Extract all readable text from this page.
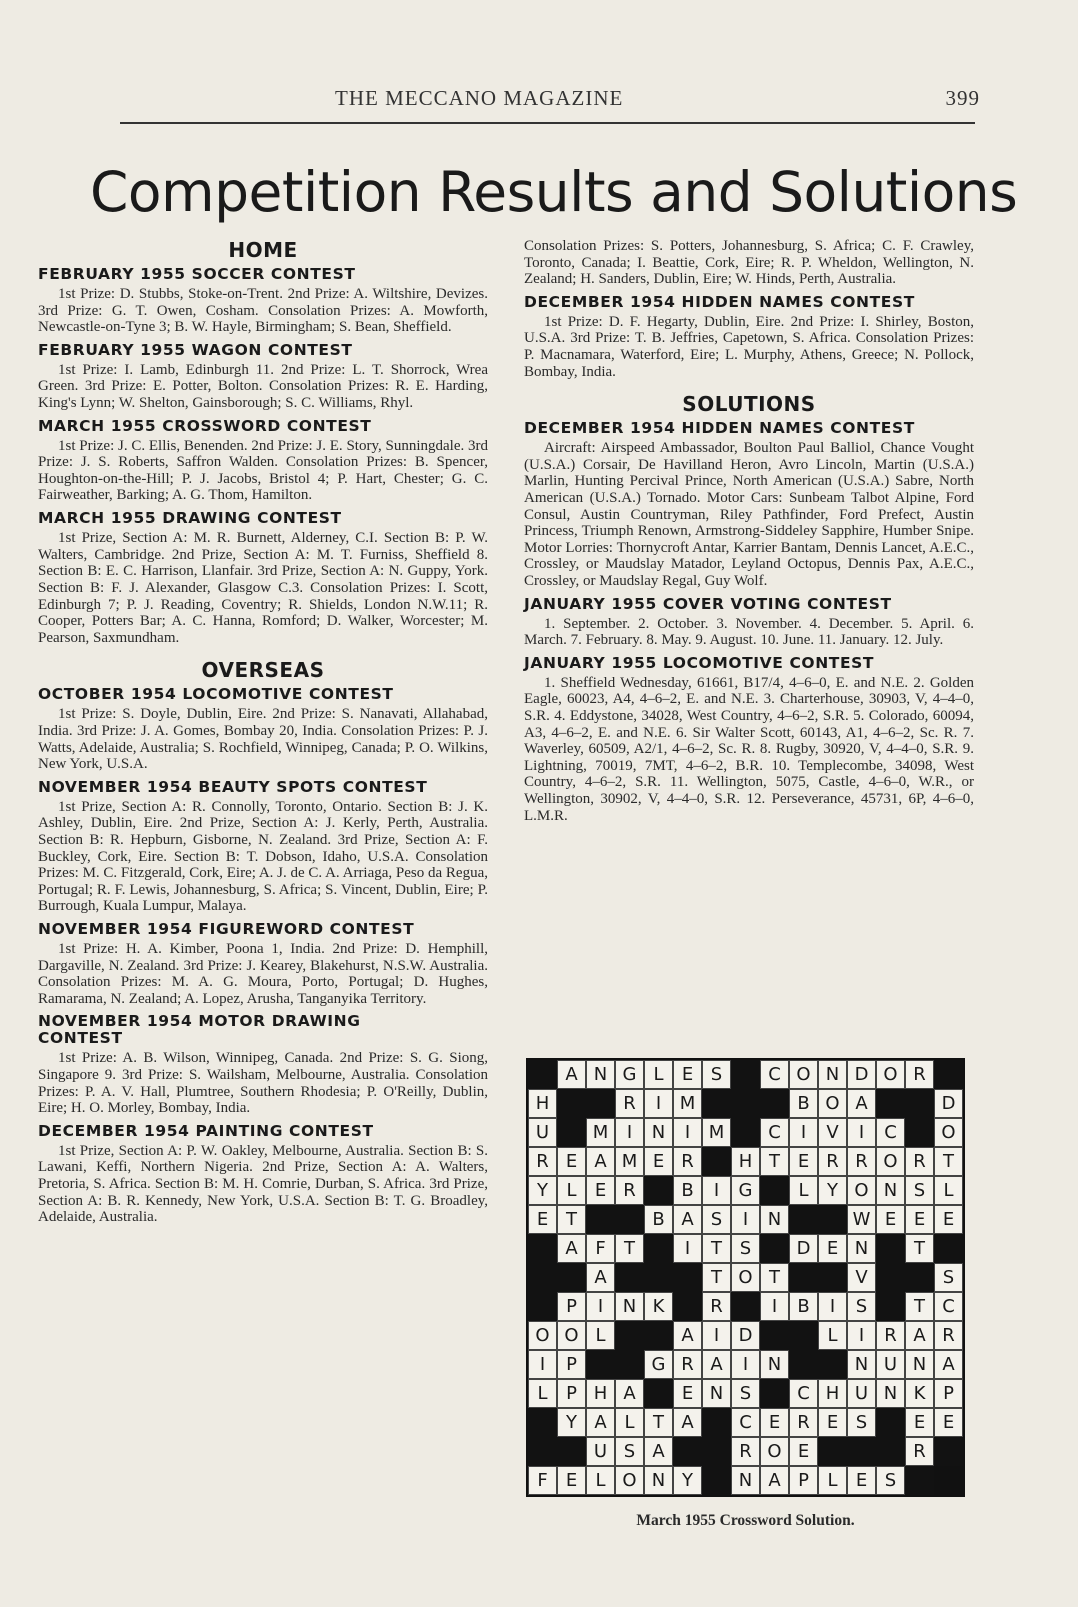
THE MECCANO MAGAZINE	399
Competition Results and Solutions
HOME
FEBRUARY 1955 SOCCER CONTEST

1st Prize: D. Stubbs, Stoke-on-Trent. 2nd Prize: A. Wiltshire, Devizes. 3rd Prize: G. T. Owen, Cosham. Consolation Prizes: A. Mowforth, Newcastle-on-Tyne 3; B. W. Hayle, Birmingham; S. Bean, Sheffield.

FEBRUARY 1955 WAGON CONTEST

1st Prize: I. Lamb, Edinburgh 11. 2nd Prize: L. T. Shorrock, Wrea Green. 3rd Prize: E. Potter, Bolton. Consolation Prizes: R. E. Harding, King's Lynn; W. Shelton, Gainsborough; S. C. Williams, Rhyl.

MARCH 1955 CROSSWORD CONTEST

1st Prize: J. C. Ellis, Benenden. 2nd Prize: J. E. Story, Sunningdale. 3rd Prize: J. S. Roberts, Saffron Walden. Consolation Prizes: B. Spencer, Houghton-on-the-Hill; P. J. Jacobs, Bristol 4; P. Hart, Chester; G. C. Fairweather, Barking; A. G. Thom, Hamilton.

MARCH 1955 DRAWING CONTEST

1st Prize, Section A: M. R. Burnett, Alderney, C.I. Section B: P. W. Walters, Cambridge. 2nd Prize, Section A: M. T. Furniss, Sheffield 8. Section B: E. C. Harrison, Llanfair. 3rd Prize, Section A: N. Guppy, York. Section B: F. J. Alexander, Glasgow C.3. Consolation Prizes: I. Scott, Edinburgh 7; P. J. Reading, Coventry; R. Shields, London N.W.11; R. Cooper, Potters Bar; A. C. Hanna, Romford; D. Walker, Worcester; M. Pearson, Saxmundham.

OVERSEAS
OCTOBER 1954 LOCOMOTIVE CONTEST

1st Prize: S. Doyle, Dublin, Eire. 2nd Prize: S. Nanavati, Allahabad, India. 3rd Prize: J. A. Gomes, Bombay 20, India. Consolation Prizes: P. J. Watts, Adelaide, Australia; S. Rochfield, Winnipeg, Canada; P. O. Wilkins, New York, U.S.A.

NOVEMBER 1954 BEAUTY SPOTS CONTEST

1st Prize, Section A: R. Connolly, Toronto, Ontario. Section B: J. K. Ashley, Dublin, Eire. 2nd Prize, Section A: J. Kerly, Perth, Australia. Section B: R. Hepburn, Gisborne, N. Zealand. 3rd Prize, Section A: F. Buckley, Cork, Eire. Section B: T. Dobson, Idaho, U.S.A. Consolation Prizes: M. C. Fitzgerald, Cork, Eire; A. J. de C. A. Arriaga, Peso da Regua, Portugal; R. F. Lewis, Johannesburg, S. Africa; S. Vincent, Dublin, Eire; P. Burrough, Kuala Lumpur, Malaya.

NOVEMBER 1954 FIGUREWORD CONTEST

1st Prize: H. A. Kimber, Poona 1, India. 2nd Prize: D. Hemphill, Dargaville, N. Zealand. 3rd Prize: J. Kearey, Blakehurst, N.S.W. Australia. Consolation Prizes: M. A. G. Moura, Porto, Portugal; D. Hughes, Ramarama, N. Zealand; A. Lopez, Arusha, Tanganyika Territory.

NOVEMBER 1954 MOTOR DRAWING CONTEST

1st Prize: A. B. Wilson, Winnipeg, Canada. 2nd Prize: S. G. Siong, Singapore 9. 3rd Prize: S. Wailsham, Melbourne, Australia. Consolation Prizes: P. A. V. Hall, Plumtree, Southern Rhodesia; P. O'Reilly, Dublin, Eire; H. O. Morley, Bombay, India.

DECEMBER 1954 PAINTING CONTEST

1st Prize, Section A: P. W. Oakley, Melbourne, Australia. Section B: S. Lawani, Keffi, Northern Nigeria. 2nd Prize, Section A: A. Walters, Pretoria, S. Africa. Section B: M. H. Comrie, Durban, S. Africa. 3rd Prize, Section A: B. R. Kennedy, New York, U.S.A. Section B: T. G. Broadley, Adelaide, Australia.

Consolation Prizes: S. Potters, Johannesburg, S. Africa; C. F. Crawley, Toronto, Canada; I. Beattie, Cork, Eire; R. P. Wheldon, Wellington, N. Zealand; H. Sanders, Dublin, Eire; W. Hinds, Perth, Australia.

DECEMBER 1954 HIDDEN NAMES CONTEST

1st Prize: D. F. Hegarty, Dublin, Eire. 2nd Prize: I. Shirley, Boston, U.S.A. 3rd Prize: T. B. Jeffries, Capetown, S. Africa. Consolation Prizes: P. Macnamara, Waterford, Eire; L. Murphy, Athens, Greece; N. Pollock, Bombay, India.

SOLUTIONS
DECEMBER 1954 HIDDEN NAMES CONTEST

Aircraft: Airspeed Ambassador, Boulton Paul Balliol, Chance Vought (U.S.A.) Corsair, De Havilland Heron, Avro Lincoln, Martin (U.S.A.) Marlin, Hunting Percival Prince, North American (U.S.A.) Sabre, North American (U.S.A.) Tornado. Motor Cars: Sunbeam Talbot Alpine, Ford Consul, Austin Countryman, Riley Pathfinder, Ford Prefect, Austin Princess, Triumph Renown, Armstrong-Siddeley Sapphire, Humber Snipe. Motor Lorries: Thornycroft Antar, Karrier Bantam, Dennis Lancet, A.E.C., Crossley, or Maudslay Matador, Leyland Octopus, Dennis Pax, A.E.C., Crossley, or Maudslay Regal, Guy Wolf.

JANUARY 1955 COVER VOTING CONTEST

1. September. 2. October. 3. November. 4. December. 5. April. 6. March. 7. February. 8. May. 9. August. 10. June. 11. January. 12. July.

JANUARY 1955 LOCOMOTIVE CONTEST

1. Sheffield Wednesday, 61661, B17/4, 4–6–0, E. and N.E. 2. Golden Eagle, 60023, A4, 4–6–2, E. and N.E. 3. Charterhouse, 30903, V, 4–4–0, S.R. 4. Eddystone, 34028, West Country, 4–6–2, S.R. 5. Colorado, 60094, A3, 4–6–2, E. and N.E. 6. Sir Walter Scott, 60143, A1, 4–6–2, Sc. R. 7. Waverley, 60509, A2/1, 4–6–2, Sc. R. 8. Rugby, 30920, V, 4–4–0, S.R. 9. Lightning, 70019, 7MT, 4–6–2, B.R. 10. Templecombe, 34098, West Country, 4–6–2, S.R. 11. Wellington, 5075, Castle, 4–6–0, W.R., or Wellington, 30902, V, 4–4–0, S.R. 12. Perseverance, 45731, 6P, 4–6–0, L.M.R.

A N G L	E S	C O N D O R
H	R	I	M	B O A	D
U	M	I	N	I	M	C	I	V	I	C	O
R E A M E R	H T E R R O R T
Y	L	E R	B	I	G	L	Y O N S	L
E T	B A S	I	N	W E E E
A F	T	I	T S	D E N	T
A	T O T	V	S
P	I	N K	R	I	B	I	S	T C
O O L	A	I	D	L	I	R A R
I	P	G R A	I	N	N U N A
L	P H A	E N S	C H U N K P
Y A L	T A	C E R E S	E E
U S A	R O E	R
F	E	L O N Y	N A P	L	E S
March 1955 Crossword Solution.
